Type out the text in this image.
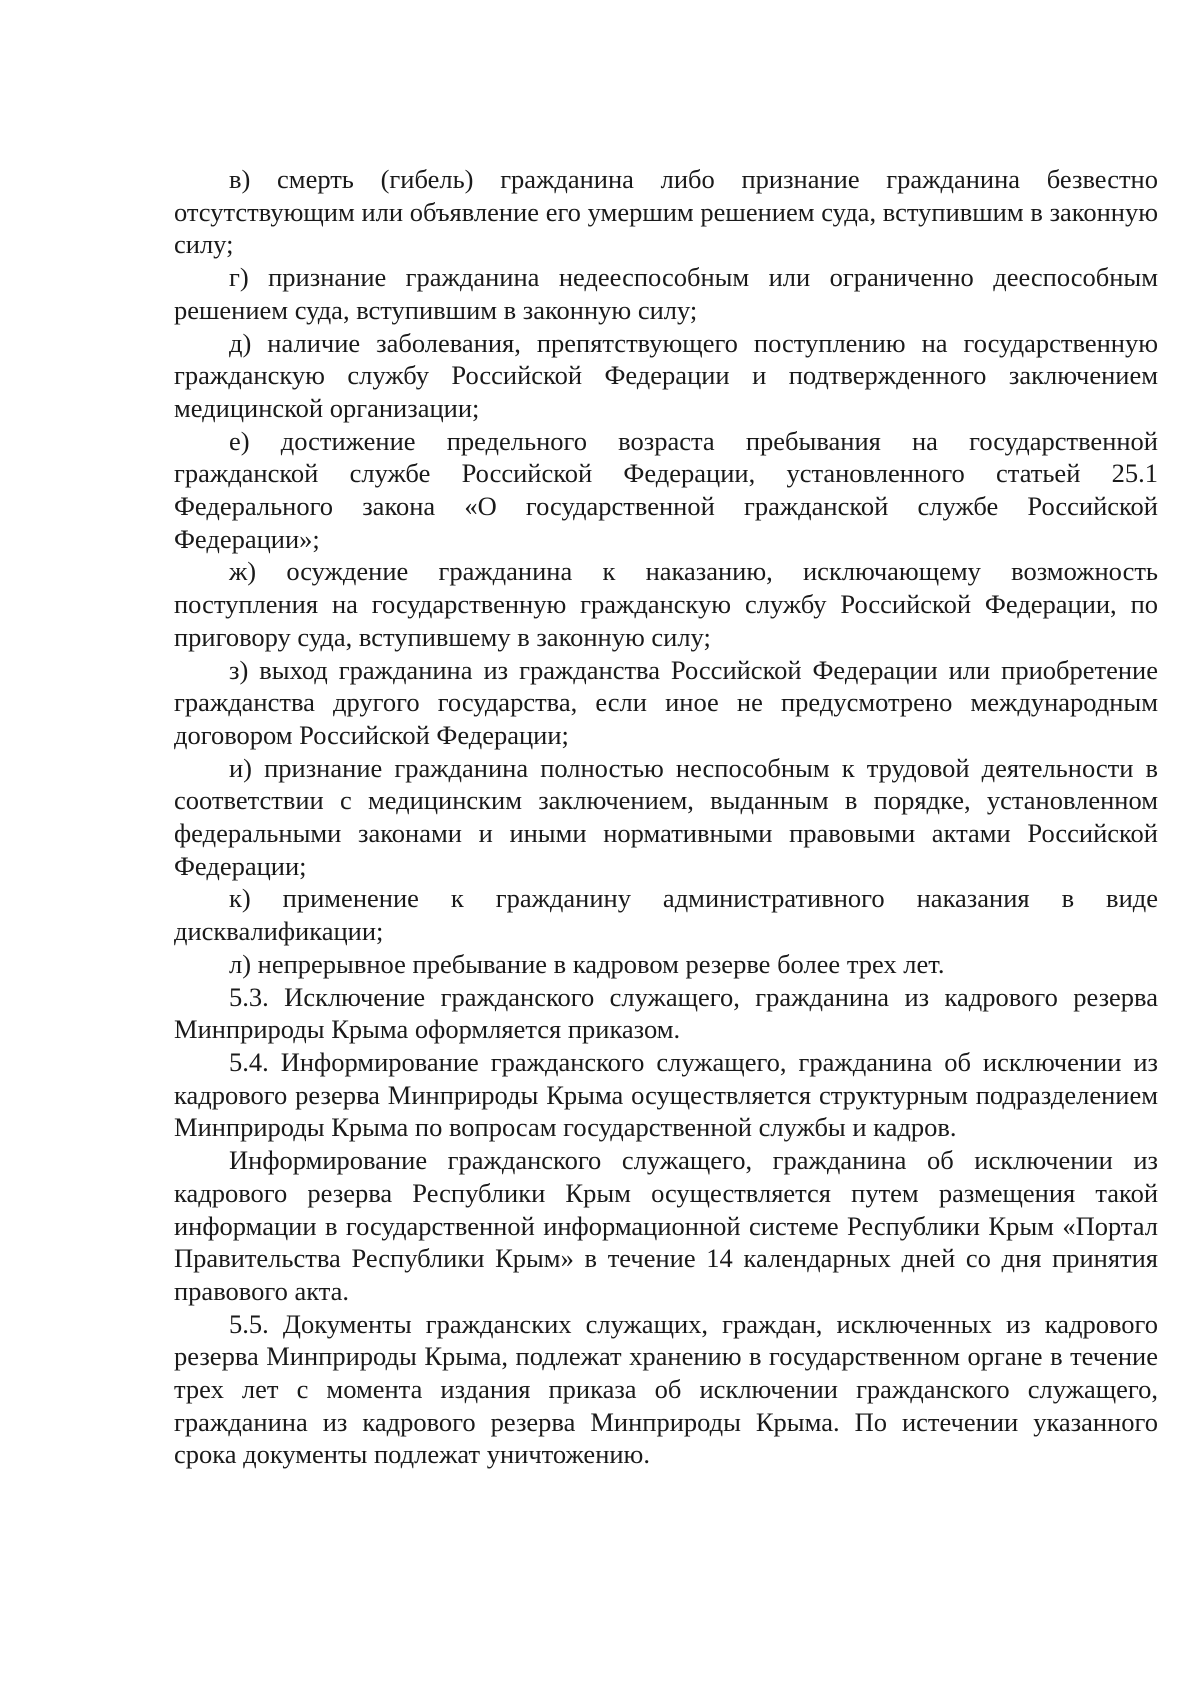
в) смерть (гибель) гражданина либо признание гражданина безвестно отсутствующим или объявление его умершим решением суда, вступившим в законную силу;

г) признание гражданина недееспособным или ограниченно дееспособным решением суда, вступившим в законную силу;

д) наличие заболевания, препятствующего поступлению на государственную гражданскую службу Российской Федерации и подтвержденного заключением медицинской организации;

е) достижение предельного возраста пребывания на государственной гражданской службе Российской Федерации, установленного статьей 25.1 Федерального закона «О государственной гражданской службе Российской Федерации»;

ж) осуждение гражданина к наказанию, исключающему возможность поступления на государственную гражданскую службу Российской Федерации, по приговору суда, вступившему в законную силу;

з) выход гражданина из гражданства Российской Федерации или приобретение гражданства другого государства, если иное не предусмотрено международным договором Российской Федерации;

и) признание гражданина полностью неспособным к трудовой деятельности в соответствии с медицинским заключением, выданным в порядке, установленном федеральными законами и иными нормативными правовыми актами Российской Федерации;

к) применение к гражданину административного наказания в виде дисквалификации;

л) непрерывное пребывание в кадровом резерве более трех лет.

5.3. Исключение гражданского служащего, гражданина из кадрового резерва Минприроды Крыма оформляется приказом.

5.4. Информирование гражданского служащего, гражданина об исключении из кадрового резерва Минприроды Крыма осуществляется структурным подразделением Минприроды Крыма по вопросам государственной службы и кадров.

Информирование гражданского служащего, гражданина об исключении из кадрового резерва Республики Крым осуществляется путем размещения такой информации в государственной информационной системе Республики Крым «Портал Правительства Республики Крым» в течение 14 календарных дней со дня принятия правового акта.

5.5. Документы гражданских служащих, граждан, исключенных из кадрового резерва Минприроды Крыма, подлежат хранению в государственном органе в течение трех лет с момента издания приказа об исключении гражданского служащего, гражданина из кадрового резерва Минприроды Крыма. По истечении указанного срока документы подлежат уничтожению.
